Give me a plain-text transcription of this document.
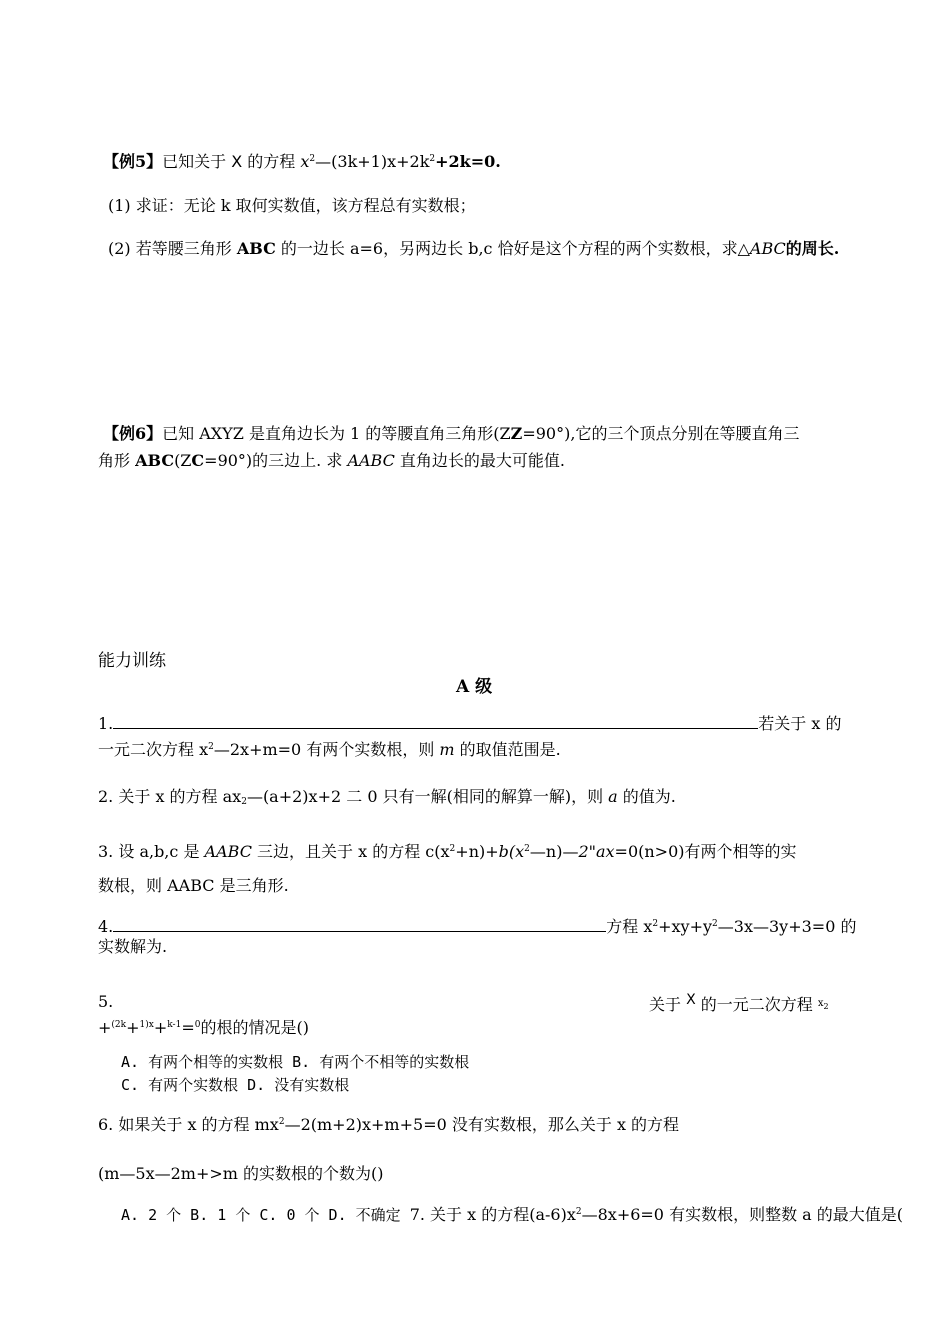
【例5】已知关于 X 的方程 $x^2—(3k+1)x+2k^2+2k=0$.
(1) 求证：无论 k 取何实数值，该方程总有实数根；
(2) 若等腰三角形 ABC 的一边长 a=6，另两边长 b,c 恰好是这个方程的两个实数根，求△ABC的周长.
【例6】已知 AXYZ 是直角边长为 1 的等腰直角三角形(ZZ=90°),它的三个顶点分别在等腰直角三
角形 ABC(ZC=90°)的三边上. 求 AABC 直角边长的最大可能值.
能力训练
A 级
1.	若关于 x 的
一元二次方程 $x^2—2x+m=0$ 有两个实数根，则 m 的取值范围是.
2. 关于 x 的方程 $ax_2—(a+2)x+2$ 二 0 只有一解(相同的解算一解)，则 a 的值为.
3. 设 a,b,c 是 AABC 三边，且关于 x 的方程 $c(x^2+n)+b(x^2—n)—2"ax=0(n>0)$有两个相等的实
数根，则 AABC 是三角形.
4.	方程 $x^2+xy+y^2—3x—3y+3=0$ 的
实数解为.
5.	关于 X 的一元二次方程 $^x$2
+$^{(2k}$+$^{1)x}$+$^{k-1}$=$^0$的根的情况是()
A. 有两个相等的实数根 B. 有两个不相等的实数根
C. 有两个实数根 D. 没有实数根
6. 如果关于 x 的方程 $mx^2—2(m+2)x+m+5=0$ 没有实数根，那么关于 x 的方程
(m—5x—2m+>m 的实数根的个数为()
A. 2 个 B. 1 个 C. 0 个 D. 不确定 7. 关于 x 的方程$(a-6)x^2—8x+6=0$ 有实数根，则整数 a 的最大值是(
